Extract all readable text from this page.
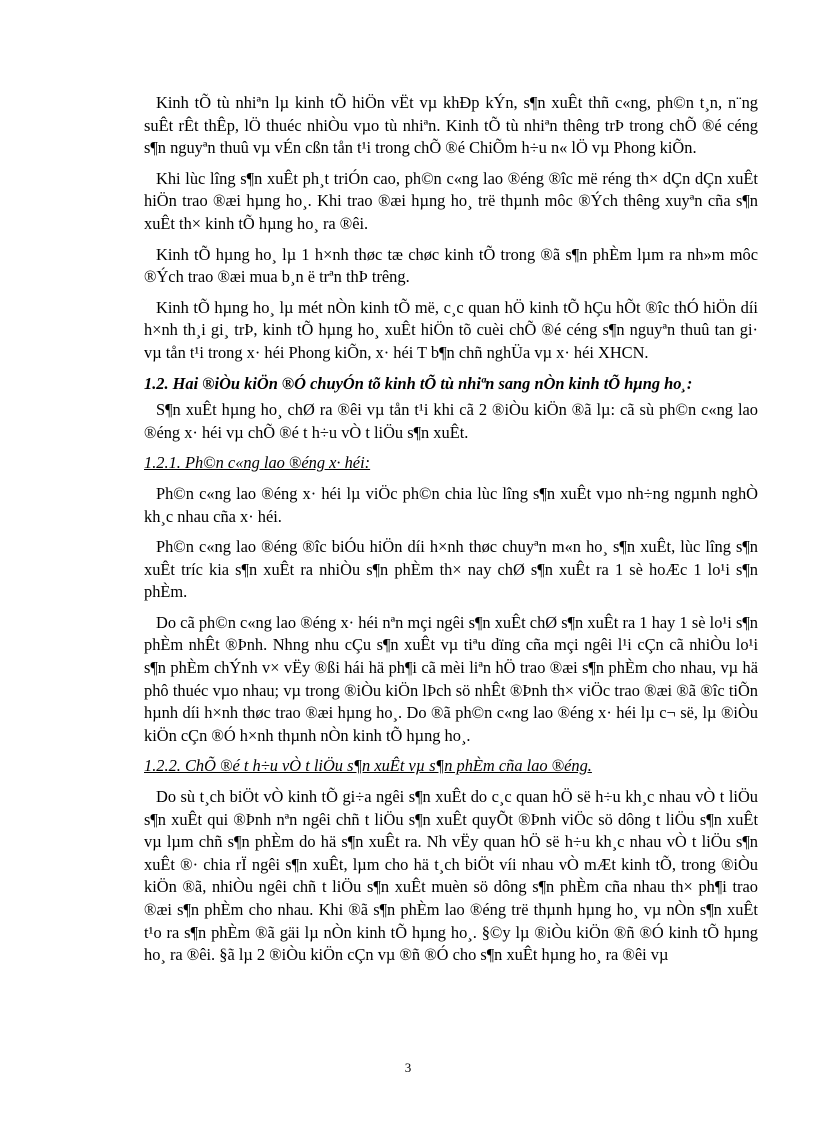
Kinh tÕ tù nhiªn lµ kinh tÕ hiÖn vËt vµ khÐp kÝn, s¶n xuÊt thñ c«ng, ph©n t¸n, n¨ng suÊt rÊt thÊp, lÖ thuéc nhiÒu vµo tù nhiªn. Kinh tÕ tù nhiªn thêng trÞ trong chÕ ®é céng s¶n nguyªn thuû vµ vÉn cßn tån t¹i trong chÕ ®é ChiÕm h÷u n« lÖ vµ Phong kiÕn.

Khi lùc lîng s¶n xuÊt ph¸t triÓn cao, ph©n c«ng lao ®éng ®îc më réng th× dÇn dÇn xuÊt hiÖn trao ®æi hµng ho¸. Khi trao ®æi hµng ho¸ trë thµnh môc ®Ých thêng xuyªn cña s¶n xuÊt th× kinh tÕ hµng ho¸ ra ®êi.

Kinh tÕ hµng ho¸ lµ 1 h×nh thøc tæ chøc kinh tÕ trong ®ã s¶n phÈm lµm ra nh»m môc ®Ých trao ®æi mua b¸n ë trªn thÞ trêng.

Kinh tÕ hµng ho¸ lµ mét nÒn kinh tÕ më, c¸c quan hÖ kinh tÕ hÇu hÕt ®îc thÓ hiÖn díi h×nh th¸i gi¸ trÞ, kinh tÕ hµng ho¸ xuÊt hiÖn tõ cuèi chÕ ®é céng s¶n nguyªn thuû tan gi· vµ tån t¹i trong x· héi Phong kiÕn, x· héi T b¶n chñ nghÜa vµ x· héi XHCN.

1.2. Hai ®iÒu kiÖn ®Ó chuyÓn tõ kinh tÕ tù nhiªn sang nÒn kinh tÕ hµng ho¸:

S¶n xuÊt hµng ho¸ chØ ra ®êi vµ tån t¹i khi cã 2 ®iÒu kiÖn ®ã lµ: cã sù ph©n c«ng lao ®éng x· héi vµ chÕ ®é t h÷u vÒ t liÖu s¶n xuÊt.

1.2.1. Ph©n c«ng lao ®éng x· héi:

Ph©n c«ng lao ®éng x· héi lµ viÖc ph©n chia lùc lîng s¶n xuÊt vµo nh÷ng ngµnh nghÒ kh¸c nhau cña x· héi.

Ph©n c«ng lao ®éng ®îc biÓu hiÖn díi h×nh thøc chuyªn m«n ho¸ s¶n xuÊt, lùc lîng s¶n xuÊt tríc kia s¶n xuÊt ra nhiÒu s¶n phÈm th× nay chØ s¶n xuÊt ra 1 sè hoÆc 1 lo¹i s¶n phÈm.

Do cã ph©n c«ng lao ®éng x· héi nªn mçi ngêi s¶n xuÊt chØ s¶n xuÊt ra 1 hay 1 sè lo¹i s¶n phÈm nhÊt ®Þnh. Nhng nhu cÇu s¶n xuÊt vµ tiªu dïng cña mçi ngêi l¹i cÇn cã nhiÒu lo¹i s¶n phÈm chÝnh v× vËy ®ßi hái hä ph¶i cã mèi liªn hÖ trao ®æi s¶n phÈm cho nhau, vµ hä phô thuéc vµo nhau; vµ trong ®iÒu kiÖn lÞch sö nhÊt ®Þnh th× viÖc trao ®æi ®ã ®îc tiÕn hµnh díi h×nh thøc trao ®æi hµng ho¸. Do ®ã ph©n c«ng lao ®éng x· héi lµ c¬ së, lµ ®iÒu kiÖn cÇn ®Ó h×nh thµnh nÒn kinh tÕ hµng ho¸.

1.2.2. ChÕ ®é t h÷u vÒ t liÖu s¶n xuÊt vµ s¶n phÈm cña lao ®éng.

Do sù t¸ch biÖt vÒ kinh tÕ gi÷a ngêi s¶n xuÊt do c¸c quan hÖ së h÷u kh¸c nhau vÒ t liÖu s¶n xuÊt qui ®Þnh nªn ngêi chñ t liÖu s¶n xuÊt quyÕt ®Þnh viÖc sö dông t liÖu s¶n xuÊt vµ lµm chñ s¶n phÈm do hä s¶n xuÊt ra. Nh vËy quan hÖ së h÷u kh¸c nhau vÒ t liÖu s¶n xuÊt ®· chia rÏ ngêi s¶n xuÊt, lµm cho hä t¸ch biÖt víi nhau vÒ mÆt kinh tÕ, trong ®iÒu kiÖn ®ã, nhiÒu ngêi chñ t liÖu s¶n xuÊt muèn sö dông s¶n phÈm cña nhau th× ph¶i trao ®æi s¶n phÈm cho nhau. Khi ®ã s¶n phÈm lao ®éng trë thµnh hµng ho¸ vµ nÒn s¶n xuÊt t¹o ra s¶n phÈm ®ã gäi lµ nÒn kinh tÕ hµng ho¸. §©y lµ ®iÒu kiÖn ®ñ ®Ó kinh tÕ hµng ho¸ ra ®êi. §ã lµ 2 ®iÒu kiÖn cÇn vµ ®ñ ®Ó cho s¶n xuÊt hµng ho¸ ra ®êi vµ

3
